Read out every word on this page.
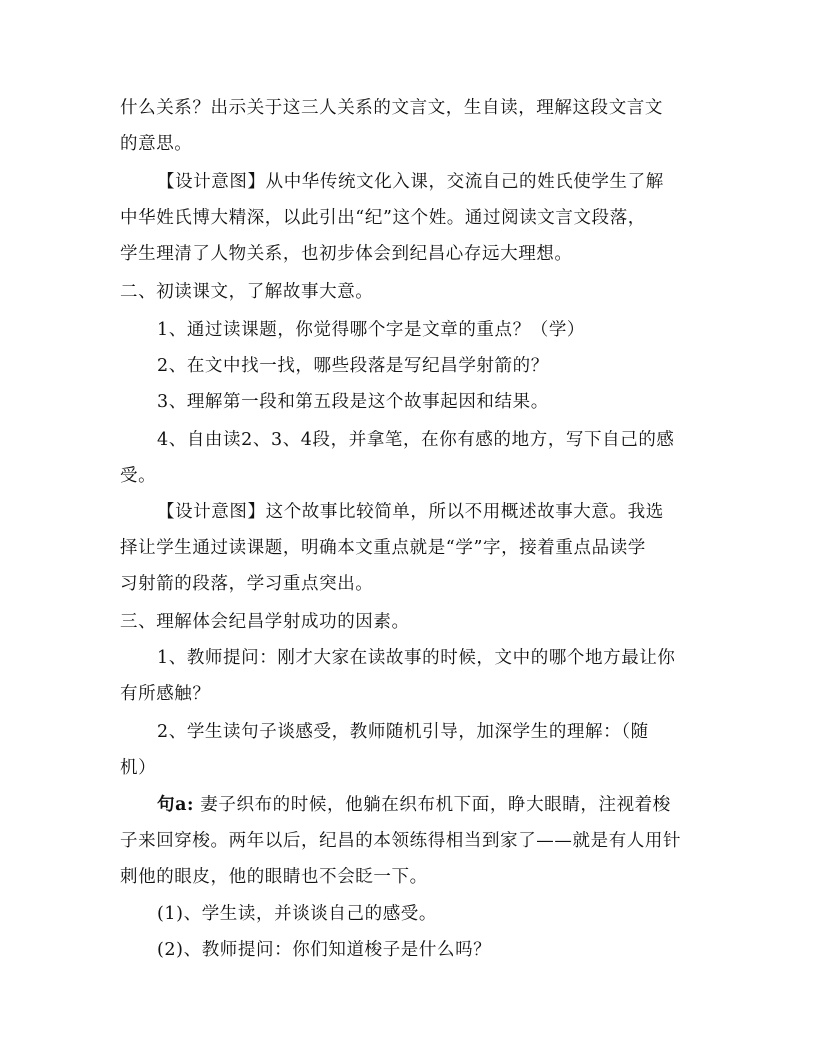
什么关系？出示关于这三人关系的文言文，生自读，理解这段文言文
的意思。
【设计意图】从中华传统文化入课，交流自己的姓氏使学生了解
中华姓氏博大精深，以此引出“纪”这个姓。通过阅读文言文段落，
学生理清了人物关系，也初步体会到纪昌心存远大理想。
二、初读课文，了解故事大意。
1、通过读课题，你觉得哪个字是文章的重点？（学）
2、在文中找一找，哪些段落是写纪昌学射箭的？
3、理解第一段和第五段是这个故事起因和结果。
4、自由读2、3、4段，并拿笔，在你有感的地方，写下自己的感
受。
【设计意图】这个故事比较简单，所以不用概述故事大意。我选
择让学生通过读课题，明确本文重点就是“学”字，接着重点品读学
习射箭的段落，学习重点突出。
三、理解体会纪昌学射成功的因素。
1、教师提问：刚才大家在读故事的时候，文中的哪个地方最让你
有所感触？
2、学生读句子谈感受，教师随机引导，加深学生的理解：（随
机）
句a: 妻子织布的时候，他躺在织布机下面，睁大眼睛，注视着梭
子来回穿梭。两年以后，纪昌的本领练得相当到家了——就是有人用针
刺他的眼皮，他的眼睛也不会眨一下。
(1)、学生读，并谈谈自己的感受。
(2)、教师提问：你们知道梭子是什么吗？
